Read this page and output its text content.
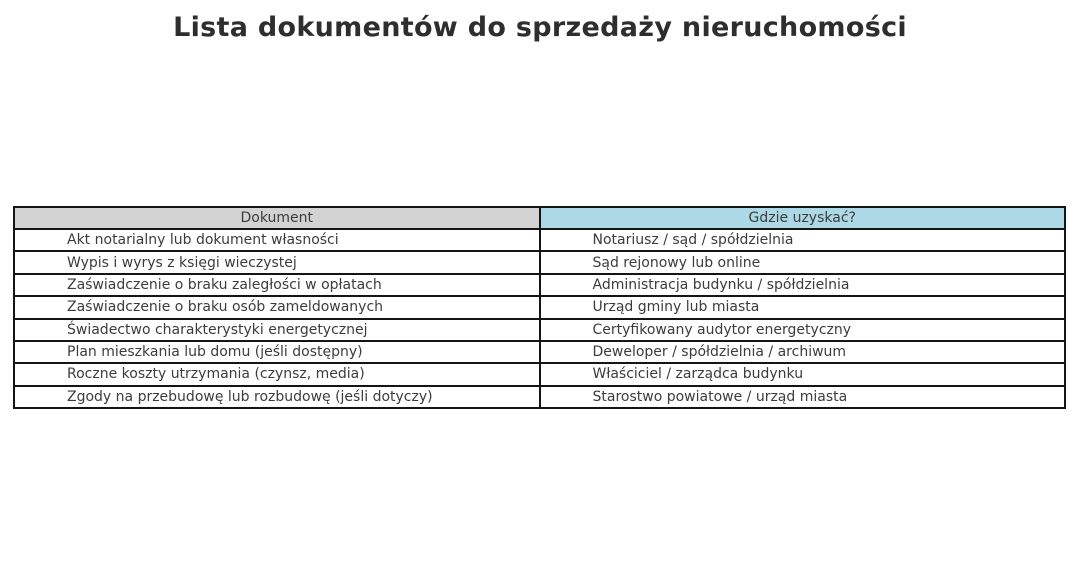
Lista dokumentów do sprzedaży nieruchomości
Dokument	Gdzie uzyskać?
Akt notarialny lub dokument własności	Notariusz / sąd / spółdzielnia
Wypis i wyrys z księgi wieczystej	Sąd rejonowy lub online
Zaświadczenie o braku zaległości w opłatach	Administracja budynku / spółdzielnia
Zaświadczenie o braku osób zameldowanych	Urząd gminy lub miasta
Świadectwo charakterystyki energetycznej	Certyfikowany audytor energetyczny
Plan mieszkania lub domu (jeśli dostępny)	Deweloper / spółdzielnia / archiwum
Roczne koszty utrzymania (czynsz, media)	Właściciel / zarządca budynku
Zgody na przebudowę lub rozbudowę (jeśli dotyczy)	Starostwo powiatowe / urząd miasta
